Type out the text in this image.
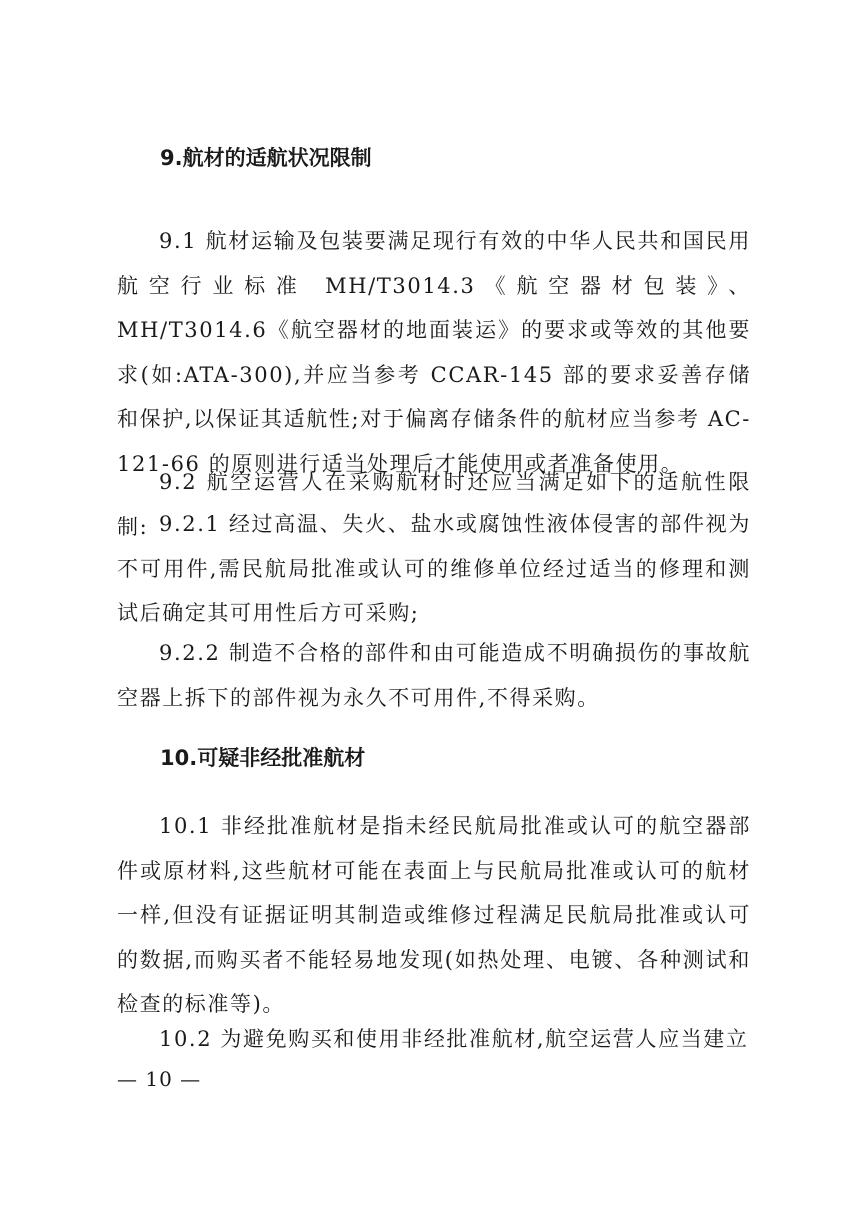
9.航材的适航状况限制

9.1 航材运输及包装要满足现行有效的中华人民共和国民用航空行业标准 MH/T3014.3《航空器材包装》、MH/T3014.6《航空器材的地面装运》的要求或等效的其他要求(如:ATA-300),并应当参考 CCAR-145 部的要求妥善存储和保护,以保证其适航性;对于偏离存储条件的航材应当参考 AC-121-66 的原则进行适当处理后才能使用或者准备使用。

9.2 航空运营人在采购航材时还应当满足如下的适航性限制: 9.2.1 经过高温、失火、盐水或腐蚀性液体侵害的部件视为不可用件,需民航局批准或认可的维修单位经过适当的修理和测试后确定其可用性后方可采购;

9.2.2 制造不合格的部件和由可能造成不明确损伤的事故航空器上拆下的部件视为永久不可用件,不得采购。

10.可疑非经批准航材

10.1 非经批准航材是指未经民航局批准或认可的航空器部件或原材料,这些航材可能在表面上与民航局批准或认可的航材一样,但没有证据证明其制造或维修过程满足民航局批准或认可的数据,而购买者不能轻易地发现(如热处理、电镀、各种测试和检查的标准等)。

10.2 为避免购买和使用非经批准航材,航空运营人应当建立

— 10 —
